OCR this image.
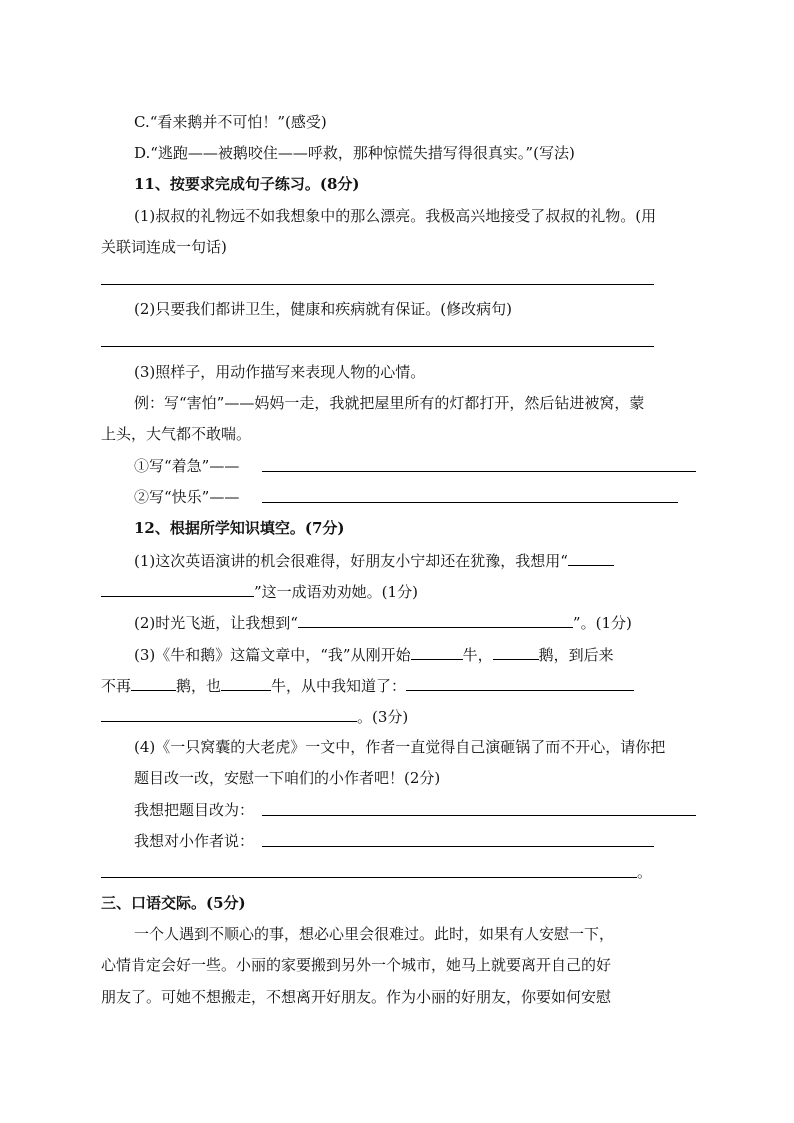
C.“看来鹅并不可怕！”(感受)
D.“逃跑——被鹅咬住——呼救，那种惊慌失措写得很真实。”(写法)
11、按要求完成句子练习。(8分)
(1)叔叔的礼物远不如我想象中的那么漂亮。我极高兴地接受了叔叔的礼物。(用
关联词连成一句话)
(2)只要我们都讲卫生，健康和疾病就有保证。(修改病句)
(3)照样子，用动作描写来表现人物的心情。
例：写“害怕”——妈妈一走，我就把屋里所有的灯都打开，然后钻进被窝，蒙
上头，大气都不敢喘。
①写“着急”——
②写“快乐”——
12、根据所学知识填空。(7分)
(1)这次英语演讲的机会很难得，好朋友小宁却还在犹豫，我想用“
”这一成语劝劝她。(1分)
(2)时光飞逝，让我想到“	”。(1分)
(3)《牛和鹅》这篇文章中，“我”从刚开始	牛，	鹅，到后来
不再	鹅，也	牛，从中我知道了：
。(3分)
(4)《一只窝囊的大老虎》一文中，作者一直觉得自己演砸锅了而不开心，请你把
题目改一改，安慰一下咱们的小作者吧！(2分)
我想把题目改为：
我想对小作者说：
。
三、口语交际。(5分)
一个人遇到不顺心的事，想必心里会很难过。此时，如果有人安慰一下，
心情肯定会好一些。小丽的家要搬到另外一个城市，她马上就要离开自己的好
朋友了。可她不想搬走，不想离开好朋友。作为小丽的好朋友，你要如何安慰
